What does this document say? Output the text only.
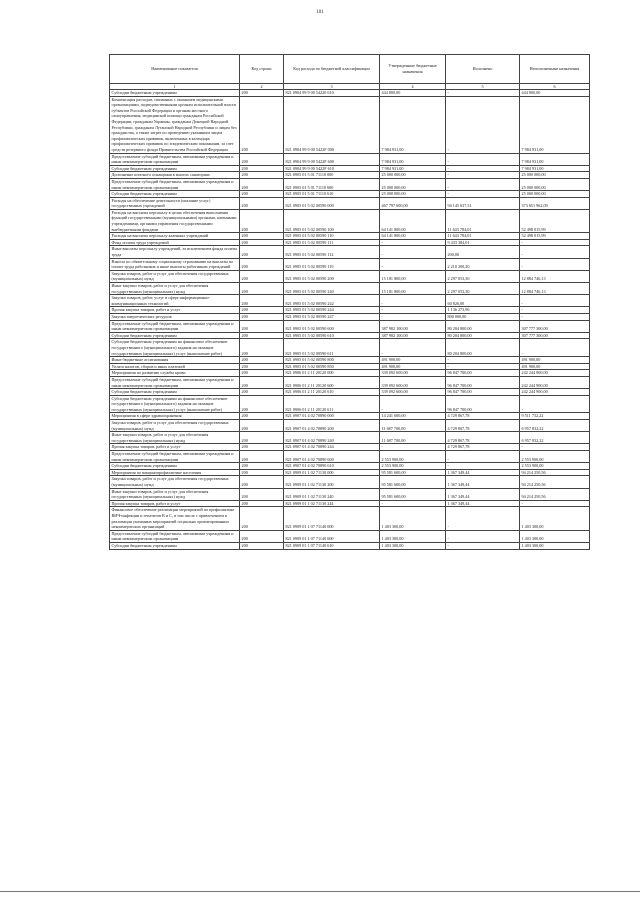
101
Наименование показателя	Код строки	Код расхода по бюджетной классификации	Утвержденные бюджетные назначения	Исполнено	Неисполненные назначения
1	2	3	4	5	6
Субсидии бюджетным учреждениям	200	821 0904 99 9 00 54220 610	444 800,00	-	444 800,00
Компенсация расходов, связанных с оказанием медицинскими организациями, подведомственными органам исполнительной власти субъектов Российской Федерации и органам местного самоуправления, медицинской помощи гражданам Российской Федерации, гражданам Украины, гражданам Донецкой Народной Республики, гражданам Луганской Народной Республики и лицам без гражданства, а также затрат по проведению указанным лицам профилактических прививок, включенных в календарь профилактических прививок по эпидемическим показаниям, за счет средств резервного фонда Правительства Российской Федерации	200	821 0904 99 9 00 5422F 000	7 984 931,00	-	7 984 931,00
Предоставление субсидий бюджетным, автономным учреждениям и иным некоммерческим организациям	200	821 0904 99 9 00 5422F 600	7 984 931,00	-	7 984 931,00
Субсидии бюджетным учреждениям	200	821 0904 99 9 00 5422F 610	7 984 931,00	-	7 984 931,00
Дополнение штатного оснащения в многих санаториях	200	821 0905 01 5 01 71110 000	25 000 000,00	-	25 000 000,00
Предоставление субсидий бюджетным, автономным учреждениям и иным некоммерческим организациям	200	821 0905 01 5 01 71110 600	25 000 000,00	-	25 000 000,00
Субсидии бюджетным учреждениям	200	821 0905 01 5 01 71110 610	25 000 000,00	-	25 000 000,00
Расходы на обеспечение деятельности (оказание услуг) государственных учреждений	200	821 0905 01 5 02 00590 000	467 797 600,00	94 145 637,51	373 651 962,09
Расходы на выплаты персоналу в целях обеспечения выполнения функций государственными (муниципальными) органами, казенными учреждениями, органами управления государственными внебюджетными фондами	200	821 0905 01 5 02 00590 100	64 141 800,00	11 643 784,01	52 498 015,99
Расходы на выплаты персоналу казенных учреждений	200	821 0905 01 5 02 00590 110	64 141 800,00	11 643 784,01	52 498 015,99
Фонд оплаты труда учреждений	200	821 0905 01 5 02 00590 111	-	9 433 384,01	-
Иные выплаты персоналу учреждений, за исключением фонда оплаты труда	200	821 0905 01 5 02 00590 112	-	200,00	-
Взносы по обязательному социальному страхованию на выплаты по оплате труда работников и иные выплаты работникам учреждений	200	821 0905 01 5 02 00590 119	-	2 210 200,20	-
Закупка товаров, работ и услуг для обеспечения государственных (муниципальных) нужд	200	821 0905 01 5 02 00590 200	15 181 800,00	2 297 053,30	12 884 746,13
Иные закупки товаров, работ и услуг для обеспечения государственных (муниципальных) нужд	200	821 0905 01 5 02 00590 240	15 181 800,00	2 297 053,30	12 884 746,13
Закупка товаров, работ, услуг в сфере информационно-коммуникационных технологий	200	821 0905 01 5 02 00590 242	-	60 826,00	-
Прочая закупка товаров, работ и услуг	200	821 0905 01 5 02 00590 244	-	1 136 273,96	-
Закупка энергетических ресурсов	200	821 0905 01 5 02 00590 247	-	800 000,00	-
Предоставление субсидий бюджетным, автономным учреждениям и иным некоммерческим организациям	200	821 0905 01 5 02 00590 600	387 982 100,00	80 204 800,00	307 777 300,00
Субсидии бюджетным учреждениям	200	821 0905 01 5 02 00590 610	387 982 100,00	80 204 800,00	307 777 300,00
Субсидии бюджетным учреждениям на финансовое обеспечение государственного (муниципального) задания на оказание государственных (муниципальных) услуг (выполнение работ)	200	821 0905 01 5 02 00590 611	-	80 204 800,00	-
Иные бюджетные ассигнования	200	821 0905 01 5 02 00590 800	491 900,00	-	491 900,00
Уплата налогов, сборов и иных платежей	200	821 0905 01 5 02 00590 850	491 900,00	-	491 900,00
Мероприятия по развитию службы крови	200	821 0906 01 2 11 20120 000	339 092 600,00	96 847 700,00	242 244 900,00
Предоставление субсидий бюджетным, автономным учреждениям и иным некоммерческим организациям	200	821 0906 01 2 11 20120 600	339 092 600,00	96 847 700,00	242 244 900,00
Субсидии бюджетным учреждениям	200	821 0906 01 2 11 20120 610	339 092 600,00	96 847 700,00	242 244 900,00
Субсидии бюджетным учреждениям на финансовое обеспечение государственного (муниципального) задания на оказание государственных (муниципальных) услуг (выполнение работ)	200	821 0906 01 2 11 20120 611	-	96 847 700,00	-
Мероприятия в сфере здравоохранения	200	821 0907 01 4 02 70890 000	14 241 600,00	4 729 867,78	9 511 732,22
Закупка товаров, работ и услуг для обеспечения государственных (муниципальных) нужд	200	821 0907 01 4 02 70890 200	11 687 700,00	4 729 867,78	6 957 832,22
Иные закупки товаров, работ и услуг для обеспечения государственных (муниципальных) нужд	200	821 0907 01 4 02 70890 240	11 687 700,00	4 729 867,78	6 957 832,22
Прочая закупка товаров, работ и услуг	200	821 0907 01 4 02 70890 244	-	4 729 867,78	-
Предоставление субсидий бюджетным, автономным учреждениям и иным некоммерческим организациям	200	821 0907 01 4 02 70890 600	2 553 900,00	-	2 553 900,00
Субсидии бюджетным учреждениям	200	821 0907 01 4 02 70890 610	2 553 900,00	-	2 553 900,00
Мероприятия по вакцинопрофилактике населения	200	821 0909 01 1 02 71130 000	95 581 600,00	1 367 349,44	94 214 250,56
Закупка товаров, работ и услуг для обеспечения государственных (муниципальных) нужд	200	821 0909 01 1 02 71130 200	95 581 600,00	1 367 349,44	94 214 250,56
Иные закупки товаров, работ и услуг для обеспечения государственных (муниципальных) нужд	200	821 0909 01 1 02 71130 240	95 581 600,00	1 367 349,44	94 214 250,56
Прочая закупка товаров, работ и услуг	200	821 0909 01 1 02 71130 244	-	1 367 349,44	-
Финансовое обеспечение реализации мероприятий по профилактике ВИЧ-инфекции и гепатитов B и C, в том числе с привлечением к реализации указанных мероприятий социально ориентированных некоммерческих организаций	200	821 0909 01 1 07 71140 000	1 403 300,00	-	1 403 300,00
Предоставление субсидий бюджетным, автономным учреждениям и иным некоммерческим организациям	200	821 0909 01 1 07 71140 600	1 403 300,00	-	1 403 300,00
Субсидии бюджетным учреждениям	200	821 0909 01 1 07 71140 610	1 403 300,00	-	1 403 300,00
